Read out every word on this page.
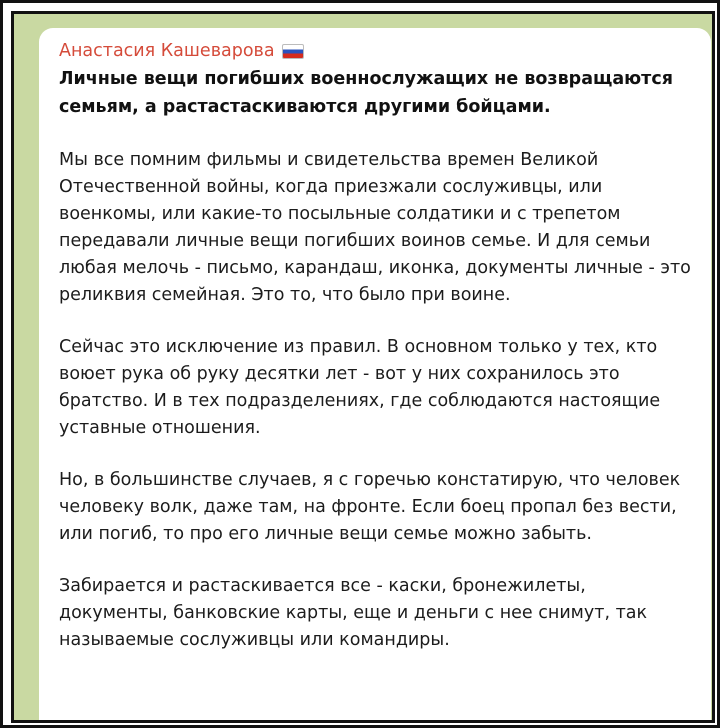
Анастасия Кашеварова
Личные вещи погибших военнослужащих не возвращаются семьям, а растастаскиваются другими бойцами.
Мы все помним фильмы и свидетельства времен Великой Отечественной войны, когда приезжали сослуживцы, или военкомы, или какие-то посыльные солдатики и с трепетом передавали личные вещи погибших воинов семье. И для семьи любая мелочь - письмо, карандаш, иконка, документы личные - это реликвия семейная. Это то, что было при воине.
Сейчас это исключение из правил. В основном только у тех, кто воюет рука об руку десятки лет - вот у них сохранилось это братство. И в тех подразделениях, где соблюдаются настоящие уставные отношения.
Но, в большинстве случаев, я с горечью констатирую, что человек человеку волк, даже там, на фронте. Если боец пропал без вести, или погиб, то про его личные вещи семье можно забыть.
Забирается и растаскивается все - каски, бронежилеты, документы, банковские карты, еще и деньги с нее снимут, так называемые сослуживцы или командиры.
